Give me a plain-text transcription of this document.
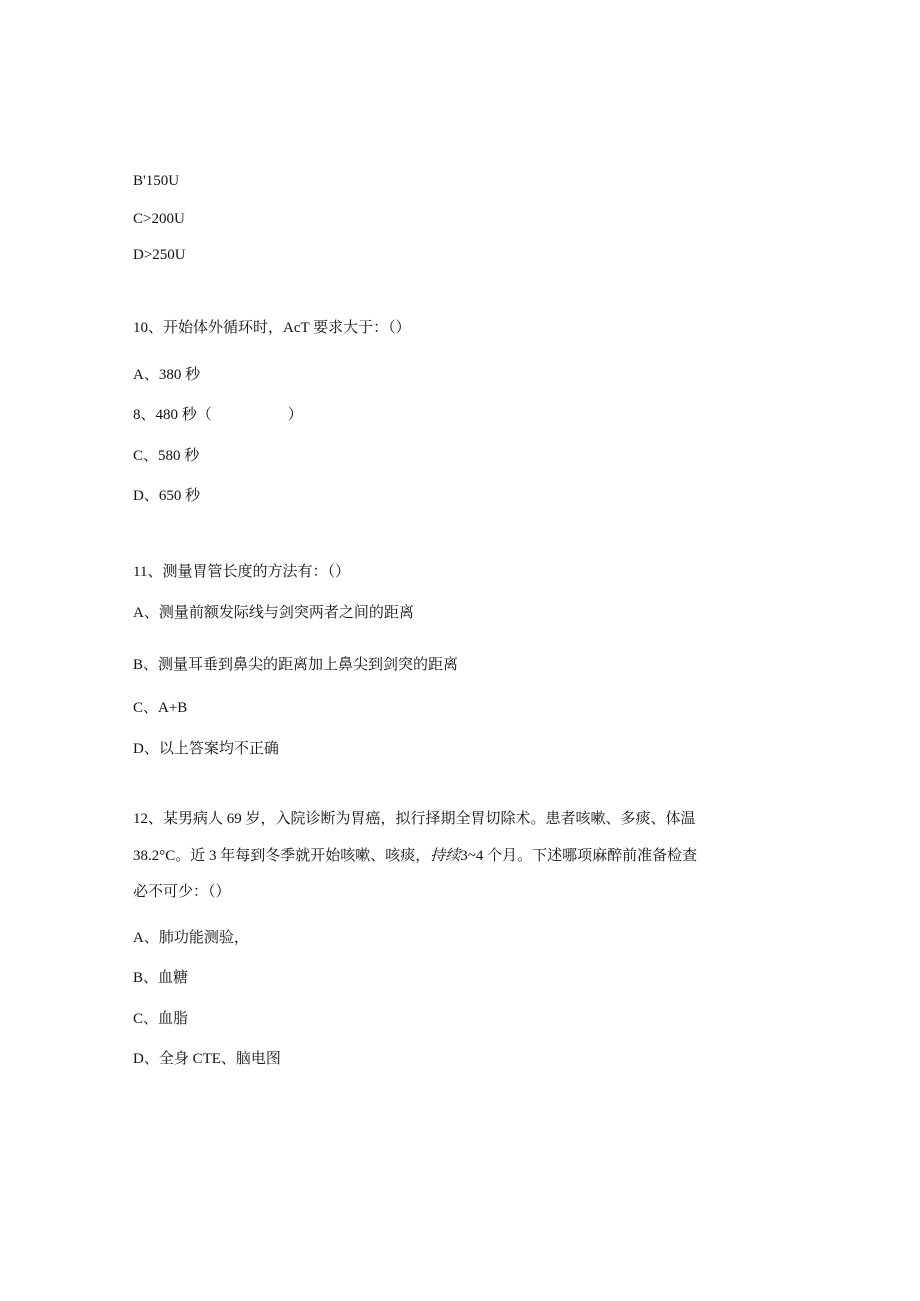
B'150U
C>200U
D>250U
10、开始体外循环时，AcT 要求大于：（）
A、380 秒
8、480 秒（	）
C、580 秒
D、650 秒
11、测量胃管长度的方法有：（）
A、测量前额发际线与剑突两者之间的距离
B、测量耳垂到鼻尖的距离加上鼻尖到剑突的距离
C、A+B
D、以上答案均不正确
12、某男病人 69 岁，入院诊断为胃癌，拟行择期全胃切除术。患者咳嗽、多痰、体温
38.2°C。近 3 年每到冬季就开始咳嗽、咳痰，持续3~4 个月。下述哪项麻醉前准备检查
必不可少：（）
A、肺功能测验，
B、血糖
C、血脂
D、全身 CTE、脑电图
